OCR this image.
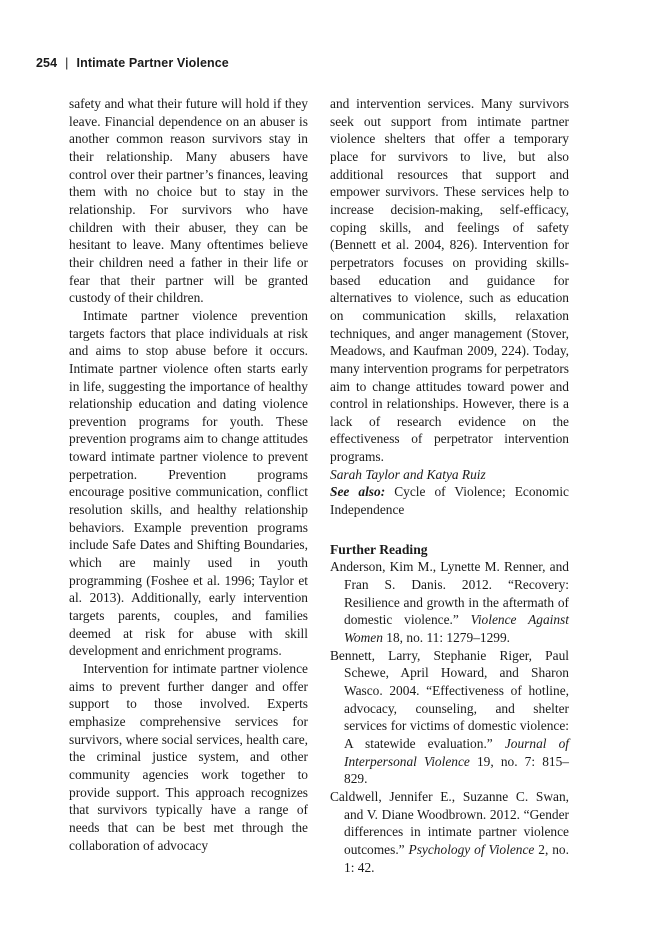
254 | Intimate Partner Violence

safety and what their future will hold if they leave. Financial dependence on an abuser is another common reason survivors stay in their relationship. Many abusers have control over their partner’s finances, leaving them with no choice but to stay in the relationship. For survivors who have children with their abuser, they can be hesitant to leave. Many oftentimes believe their children need a father in their life or fear that their partner will be granted custody of their children.

Intimate partner violence prevention targets factors that place individuals at risk and aims to stop abuse before it occurs. Intimate partner violence often starts early in life, suggesting the importance of healthy relationship education and dating violence prevention programs for youth. These prevention programs aim to change attitudes toward intimate partner violence to prevent perpetration. Prevention programs encourage positive communication, conflict resolution skills, and healthy relationship behaviors. Example prevention programs include Safe Dates and Shifting Boundaries, which are mainly used in youth programming (Foshee et al. 1996; Taylor et al. 2013). Additionally, early intervention targets parents, couples, and families deemed at risk for abuse with skill development and enrichment programs.

Intervention for intimate partner violence aims to prevent further danger and offer support to those involved. Experts emphasize comprehensive services for survivors, where social services, health care, the criminal justice system, and other community agencies work together to provide support. This approach recognizes that survivors typically have a range of needs that can be best met through the collaboration of advocacy

and intervention services. Many survivors seek out support from intimate partner violence shelters that offer a temporary place for survivors to live, but also additional resources that support and empower survivors. These services help to increase decision-making, self-efficacy, coping skills, and feelings of safety (Bennett et al. 2004, 826). Intervention for perpetrators focuses on providing skills-based education and guidance for alternatives to violence, such as education on communication skills, relaxation techniques, and anger management (Stover, Meadows, and Kaufman 2009, 224). Today, many intervention programs for perpetrators aim to change attitudes toward power and control in relationships. However, there is a lack of research evidence on the effectiveness of perpetrator intervention programs.

Sarah Taylor and Katya Ruiz

See also: Cycle of Violence; Economic Independence

Further Reading

Anderson, Kim M., Lynette M. Renner, and Fran S. Danis. 2012. “Recovery: Resilience and growth in the aftermath of domestic violence.” Violence Against Women 18, no. 11: 1279–1299.

Bennett, Larry, Stephanie Riger, Paul Schewe, April Howard, and Sharon Wasco. 2004. “Effectiveness of hotline, advocacy, counseling, and shelter services for victims of domestic violence: A statewide evaluation.” Journal of Interpersonal Violence 19, no. 7: 815–829.

Caldwell, Jennifer E., Suzanne C. Swan, and V. Diane Woodbrown. 2012. “Gender differences in intimate partner violence outcomes.” Psychology of Violence 2, no. 1: 42.
